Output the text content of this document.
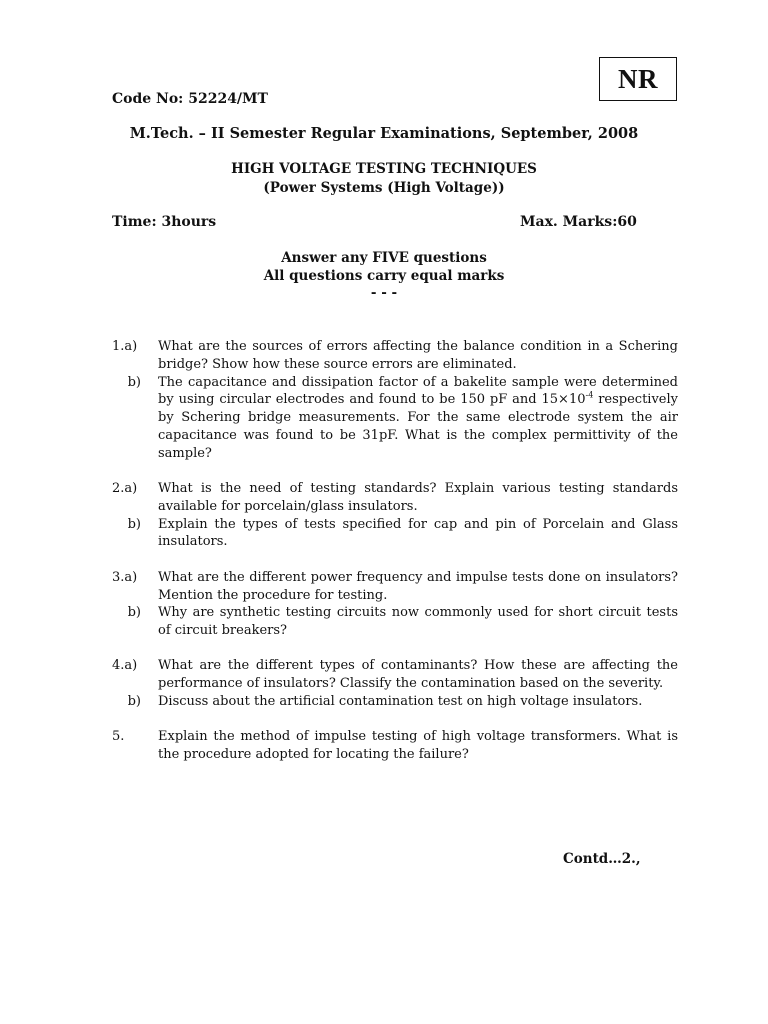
NR
Code No: 52224/MT
M.Tech. – II Semester Regular Examinations, September, 2008
HIGH VOLTAGE TESTING TECHNIQUES
(Power Systems (High Voltage))
Time: 3hours	Max. Marks:60
Answer any FIVE questions
All questions carry equal marks
- - -
1.a)	What are the sources of errors affecting the balance condition in a Schering bridge? Show how these source errors are eliminated.
b)	The capacitance and dissipation factor of a bakelite sample were determined by using circular electrodes and found to be 150 pF and $15\times 10^{-4}$ respectively by Schering bridge measurements. For the same electrode system the air capacitance was found to be 31pF. What is the complex permittivity of the sample?
2.a)	What is the need of testing standards? Explain various testing standards available for porcelain/glass insulators.
b)	Explain the types of tests specified for cap and pin of Porcelain and Glass insulators.
3.a)	What are the different power frequency and impulse tests done on insulators? Mention the procedure for testing.
b)	Why are synthetic testing circuits now commonly used for short circuit tests of circuit breakers?
4.a)	What are the different types of contaminants? How these are affecting the performance of insulators? Classify the contamination based on the severity.
b)	Discuss about the artificial contamination test on high voltage insulators.
5.	Explain the method of impulse testing of high voltage transformers. What is the procedure adopted for locating the failure?
Contd…2.,
